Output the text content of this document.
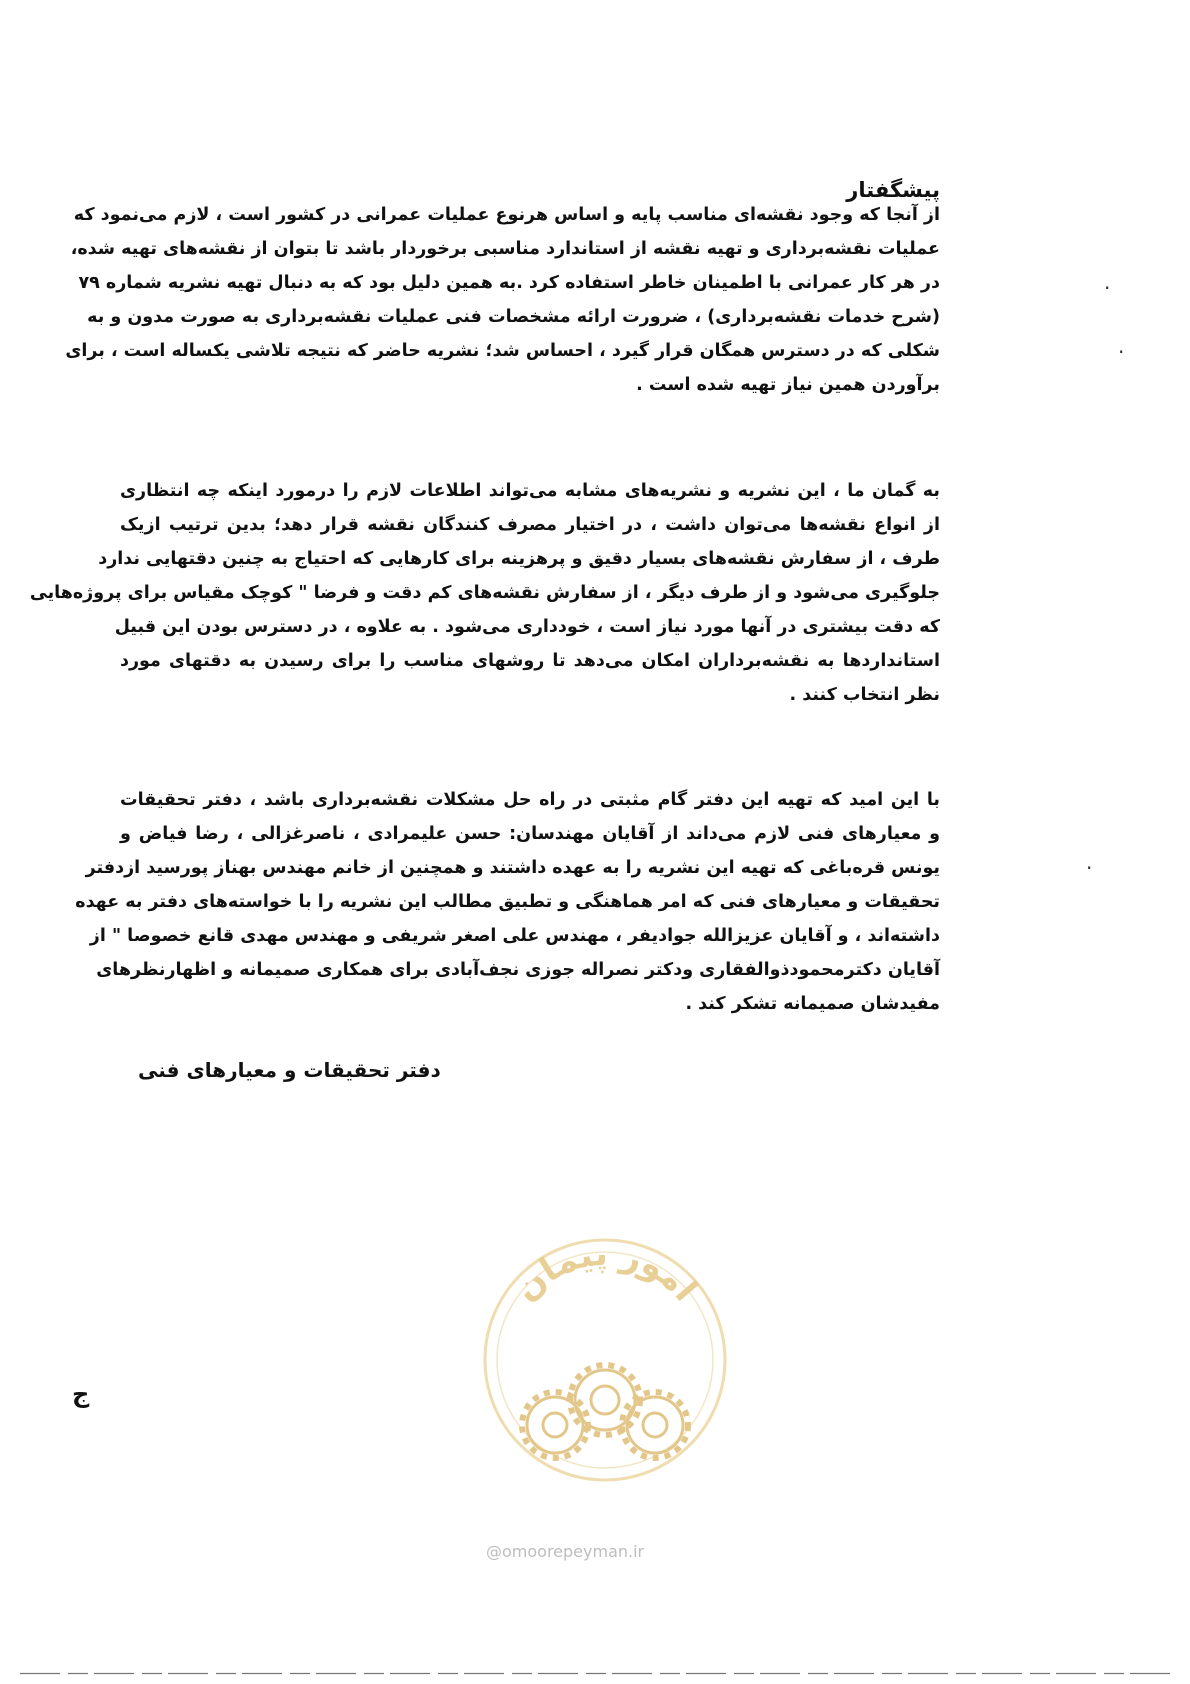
پیشگفتار
از آنجا که وجود نقشه‌ای مناسب پایه و اساس هرنوع عملیات عمرانی در کشور است ، لازم می‌نمود که
عملیات نقشه‌برداری و تهیه نقشه از استاندارد مناسبی برخوردار باشد تا بتوان از نقشه‌های تهیه شده،
در هر کار عمرانی با اطمینان خاطر استفاده کرد .به همین دلیل بود که به دنبال تهیه نشریه شماره ۷۹
(شرح خدمات نقشه‌برداری) ، ضرورت ارائه مشخصات فنی عملیات نقشه‌برداری به صورت مدون و به
شکلی که در دسترس همگان قرار گیرد ، احساس شد؛ نشریه حاضر که نتیجه تلاشی یکساله است ، برای
برآوردن همین نیاز تهیه شده است .
به گمان ما ، این نشریه و نشریه‌های مشابه می‌تواند اطلاعات لازم را درمورد اینکه چه انتظاری
از انواع نقشه‌ها می‌توان داشت ، در اختیار مصرف کنندگان نقشه قرار دهد؛ بدین ترتیب ازیک
طرف ، از سفارش نقشه‌های بسیار دقیق و پرهزینه برای کارهایی که احتیاج به چنین دقتهایی ندارد
جلوگیری می‌شود و از طرف دیگر ، از سفارش نقشه‌های کم دقت و فرضا " کوچک مقیاس برای پروژه‌هایی
که دقت بیشتری در آنها مورد نیاز است ، خودداری می‌شود . به علاوه ، در دسترس بودن این قبیل
استانداردها به نقشه‌برداران امکان می‌دهد تا روشهای مناسب را برای رسیدن به دقتهای مورد
نظر انتخاب کنند .
با این امید که تهیه این دفتر گام مثبتی در راه حل مشکلات نقشه‌برداری باشد ، دفتر تحقیقات
و معیارهای فنی لازم می‌داند از آقایان مهندسان: حسن علیمرادی ، ناصرغزالی ، رضا فیاض و
یونس قره‌باغی که تهیه این نشریه را به عهده داشتند و همچنین از خانم مهندس بهناز پورسید ازدفتر
تحقیقات و معیارهای فنی که امر هماهنگی و تطبیق مطالب این نشریه را با خواسته‌های دفتر به عهده
داشته‌اند ، و آقایان عزیزالله جوادیفر ، مهندس علی اصغر شریفی و مهندس مهدی قانع خصوصا " از
آقایان دکترمحمودذوالفقاری ودکتر نصراله جوزی نجف‌آبادی برای همکاری صمیمانه و اظهارنظرهای
مفیدشان صمیمانه تشکر کند .
دفتر تحقیقات و معیارهای فنی
ج
·
·
·
امور پیمان
@omoorepeyman.ir
